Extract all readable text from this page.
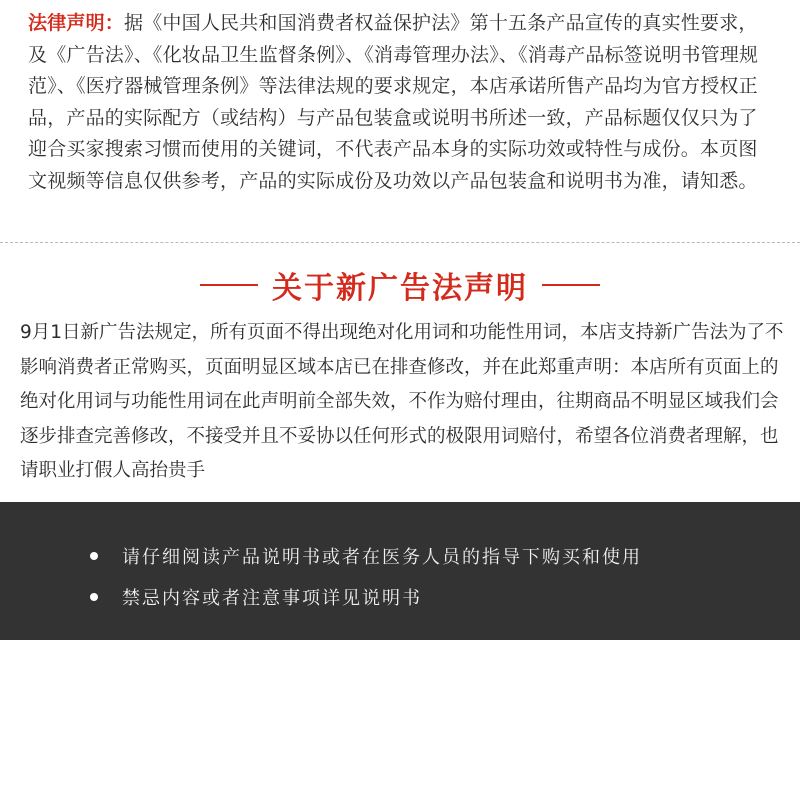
法律声明：据《中国人民共和国消费者权益保护法》第十五条产品宣传的真实性要求，及《广告法》、《化妆品卫生监督条例》、《消毒管理办法》、《消毒产品标签说明书管理规范》、《医疗器械管理条例》等法律法规的要求规定，本店承诺所售产品均为官方授权正品，产品的实际配方（或结构）与产品包装盒或说明书所述一致，产品标题仅仅只为了迎合买家搜索习惯而使用的关键词，不代表产品本身的实际功效或特性与成份。本页图文视频等信息仅供参考，产品的实际成份及功效以产品包装盒和说明书为准，请知悉。

关于新广告法声明

9月1日新广告法规定，所有页面不得出现绝对化用词和功能性用词，本店支持新广告法为了不影响消费者正常购买，页面明显区域本店已在排查修改，并在此郑重声明：本店所有页面上的绝对化用词与功能性用词在此声明前全部失效，不作为赔付理由，往期商品不明显区域我们会逐步排查完善修改，不接受并且不妥协以任何形式的极限用词赔付，希望各位消费者理解，也请职业打假人高抬贵手

请仔细阅读产品说明书或者在医务人员的指导下购买和使用
禁忌内容或者注意事项详见说明书
